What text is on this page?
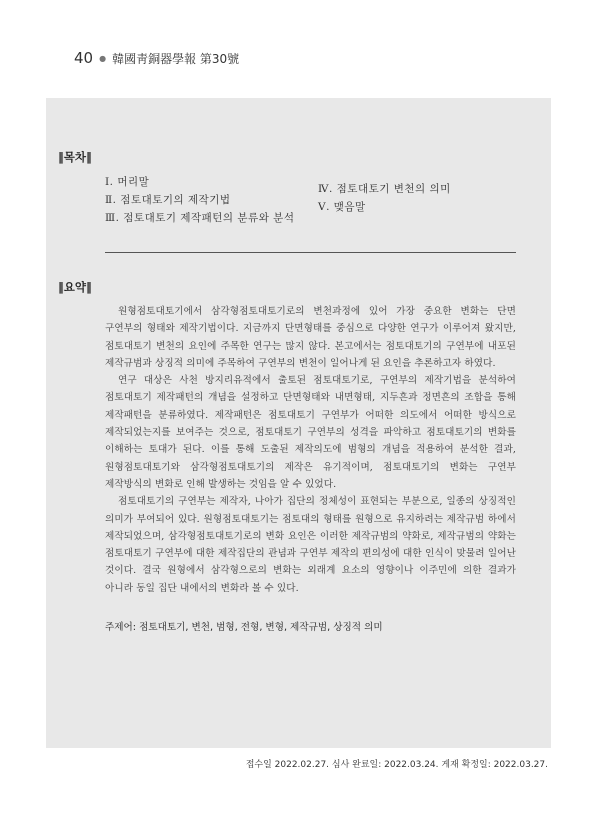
40 ● 韓國靑銅器學報 第30號
‖목차‖
Ⅰ. 머리말
Ⅱ. 점토대토기의 제작기법
Ⅲ. 점토대토기 제작패턴의 분류와 분석
Ⅳ. 점토대토기 변천의 의미
Ⅴ. 맺음말
‖요약‖

원형점토대토기에서 삼각형점토대토기로의 변천과정에 있어 가장 중요한 변화는 단면 구연부의 형태와 제작기법이다. 지금까지 단면형태를 중심으로 다양한 연구가 이루어져 왔지만, 점토대토기 변천의 요인에 주목한 연구는 많지 않다. 본고에서는 점토대토기의 구연부에 내포된 제작규범과 상징적 의미에 주목하여 구연부의 변천이 일어나게 된 요인을 추론하고자 하였다.

연구 대상은 사천 방지리유적에서 출토된 점토대토기로, 구연부의 제작기법을 분석하여 점토대토기 제작패턴의 개념을 설정하고 단면형태와 내면형태, 지두흔과 정면흔의 조합을 통해 제작패턴을 분류하였다. 제작패턴은 점토대토기 구연부가 어떠한 의도에서 어떠한 방식으로 제작되었는지를 보여주는 것으로, 점토대토기 구연부의 성격을 파악하고 점토대토기의 변화를 이해하는 토대가 된다. 이를 통해 도출된 제작의도에 범형의 개념을 적용하여 분석한 결과, 원형점토대토기와 삼각형점토대토기의 제작은 유기적이며, 점토대토기의 변화는 구연부 제작방식의 변화로 인해 발생하는 것임을 알 수 있었다.

점토대토기의 구연부는 제작자, 나아가 집단의 정체성이 표현되는 부분으로, 일종의 상징적인 의미가 부여되어 있다. 원형점토대토기는 점토대의 형태를 원형으로 유지하려는 제작규범 하에서 제작되었으며, 삼각형점토대토기로의 변화 요인은 이러한 제작규범의 약화로, 제작규범의 약화는 점토대토기 구연부에 대한 제작집단의 관념과 구연부 제작의 편의성에 대한 인식이 맞물려 일어난 것이다. 결국 원형에서 삼각형으로의 변화는 외래계 요소의 영향이나 이주민에 의한 결과가 아니라 동일 집단 내에서의 변화라 볼 수 있다.

주제어: 점토대토기, 변천, 범형, 전형, 변형, 제작규범, 상징적 의미
접수일 2022.02.27. 심사 완료일: 2022.03.24. 게재 확정일: 2022.03.27.
